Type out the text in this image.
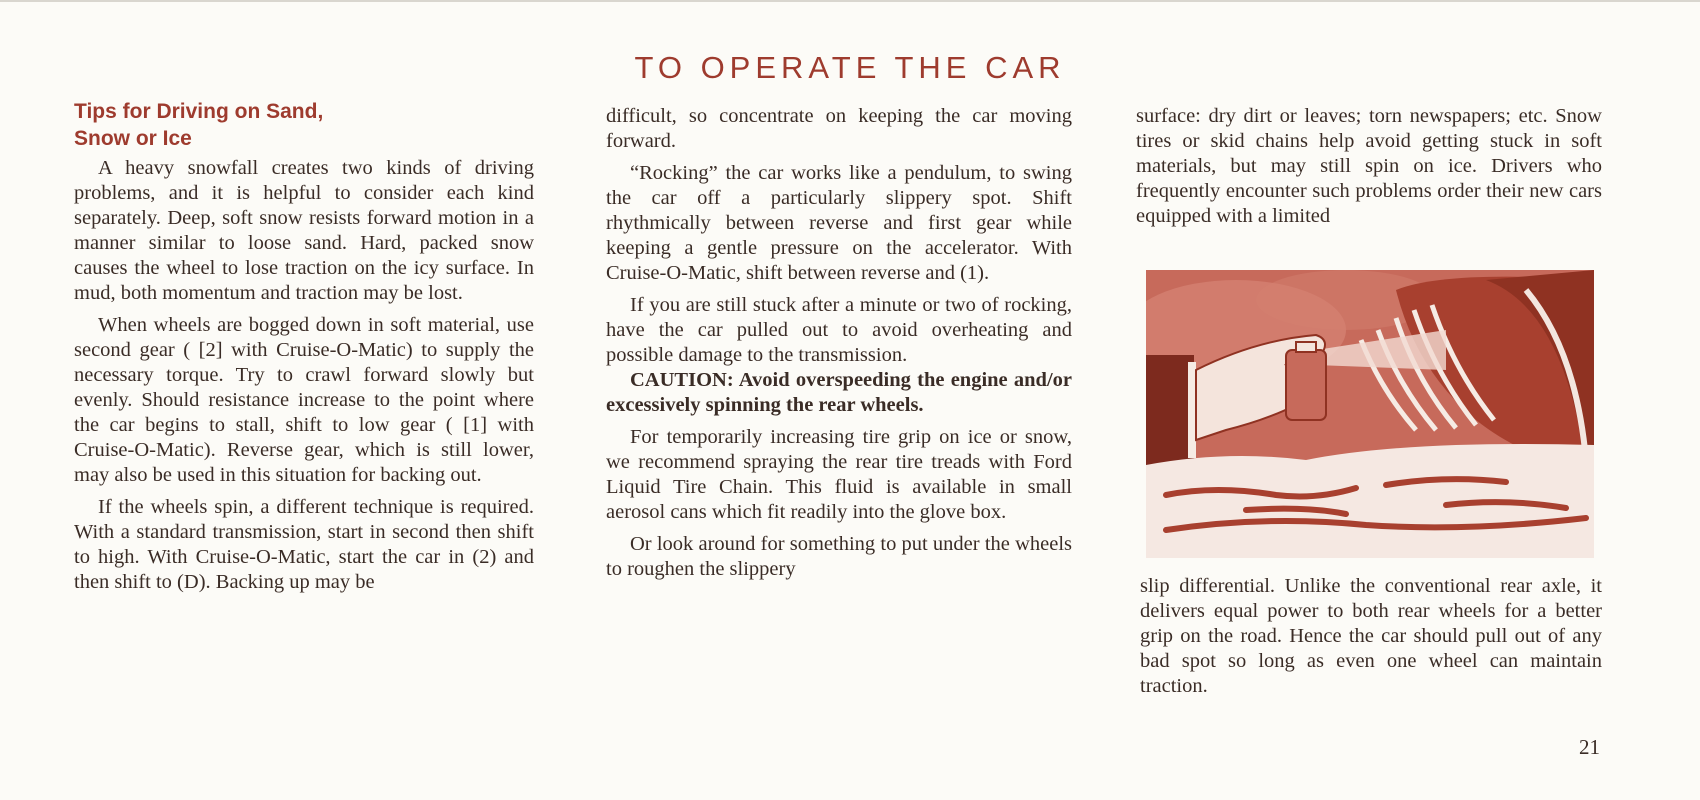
TO OPERATE THE CAR
Tips for Driving on Sand,
Snow or Ice

A heavy snowfall creates two kinds of driving problems, and it is helpful to consider each kind separately. Deep, soft snow resists forward motion in a manner similar to loose sand. Hard, packed snow causes the wheel to lose traction on the icy surface. In mud, both momentum and traction may be lost.

When wheels are bogged down in soft material, use second gear ( [2] with Cruise-O-Matic) to supply the necessary torque. Try to crawl forward slowly but evenly. Should resistance increase to the point where the car begins to stall, shift to low gear ( [1] with Cruise-O-Matic). Reverse gear, which is still lower, may also be used in this situation for backing out.

If the wheels spin, a different technique is required. With a standard transmission, start in second then shift to high. With Cruise-O-Matic, start the car in (2) and then shift to (D). Backing up may be

difficult, so concentrate on keeping the car moving forward.

“Rocking” the car works like a pendulum, to swing the car off a particularly slippery spot. Shift rhythmically between reverse and first gear while keeping a gentle pressure on the accelerator. With Cruise-O-Matic, shift between reverse and (1).

If you are still stuck after a minute or two of rocking, have the car pulled out to avoid overheating and possible damage to the transmission.

CAUTION: Avoid overspeeding the engine and/or excessively spinning the rear wheels.

For temporarily increasing tire grip on ice or snow, we recommend spraying the rear tire treads with Ford Liquid Tire Chain. This fluid is available in small aerosol cans which fit readily into the glove box.

Or look around for something to put under the wheels to roughen the slippery

surface: dry dirt or leaves; torn newspapers; etc. Snow tires or skid chains help avoid getting stuck in soft materials, but may still spin on ice. Drivers who frequently encounter such problems order their new cars equipped with a limited

slip differential. Unlike the conventional rear axle, it delivers equal power to both rear wheels for a better grip on the road. Hence the car should pull out of any bad spot so long as even one wheel can maintain traction.

21
